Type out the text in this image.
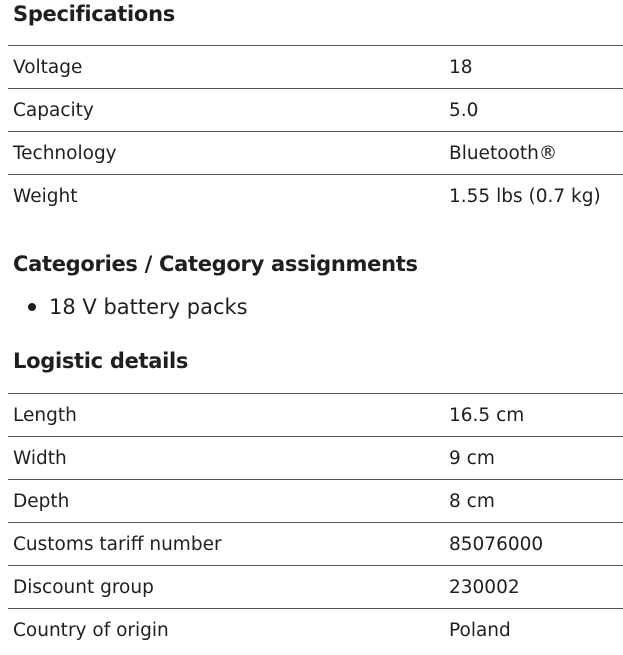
Specifications
Voltage	18
Capacity	5.0
Technology	Bluetooth®
Weight	1.55 lbs (0.7 kg)
Categories / Category assignments
18 V battery packs
Logistic details
Length	16.5 cm
Width	9 cm
Depth	8 cm
Customs tariff number	85076000
Discount group	230002
Country of origin	Poland
